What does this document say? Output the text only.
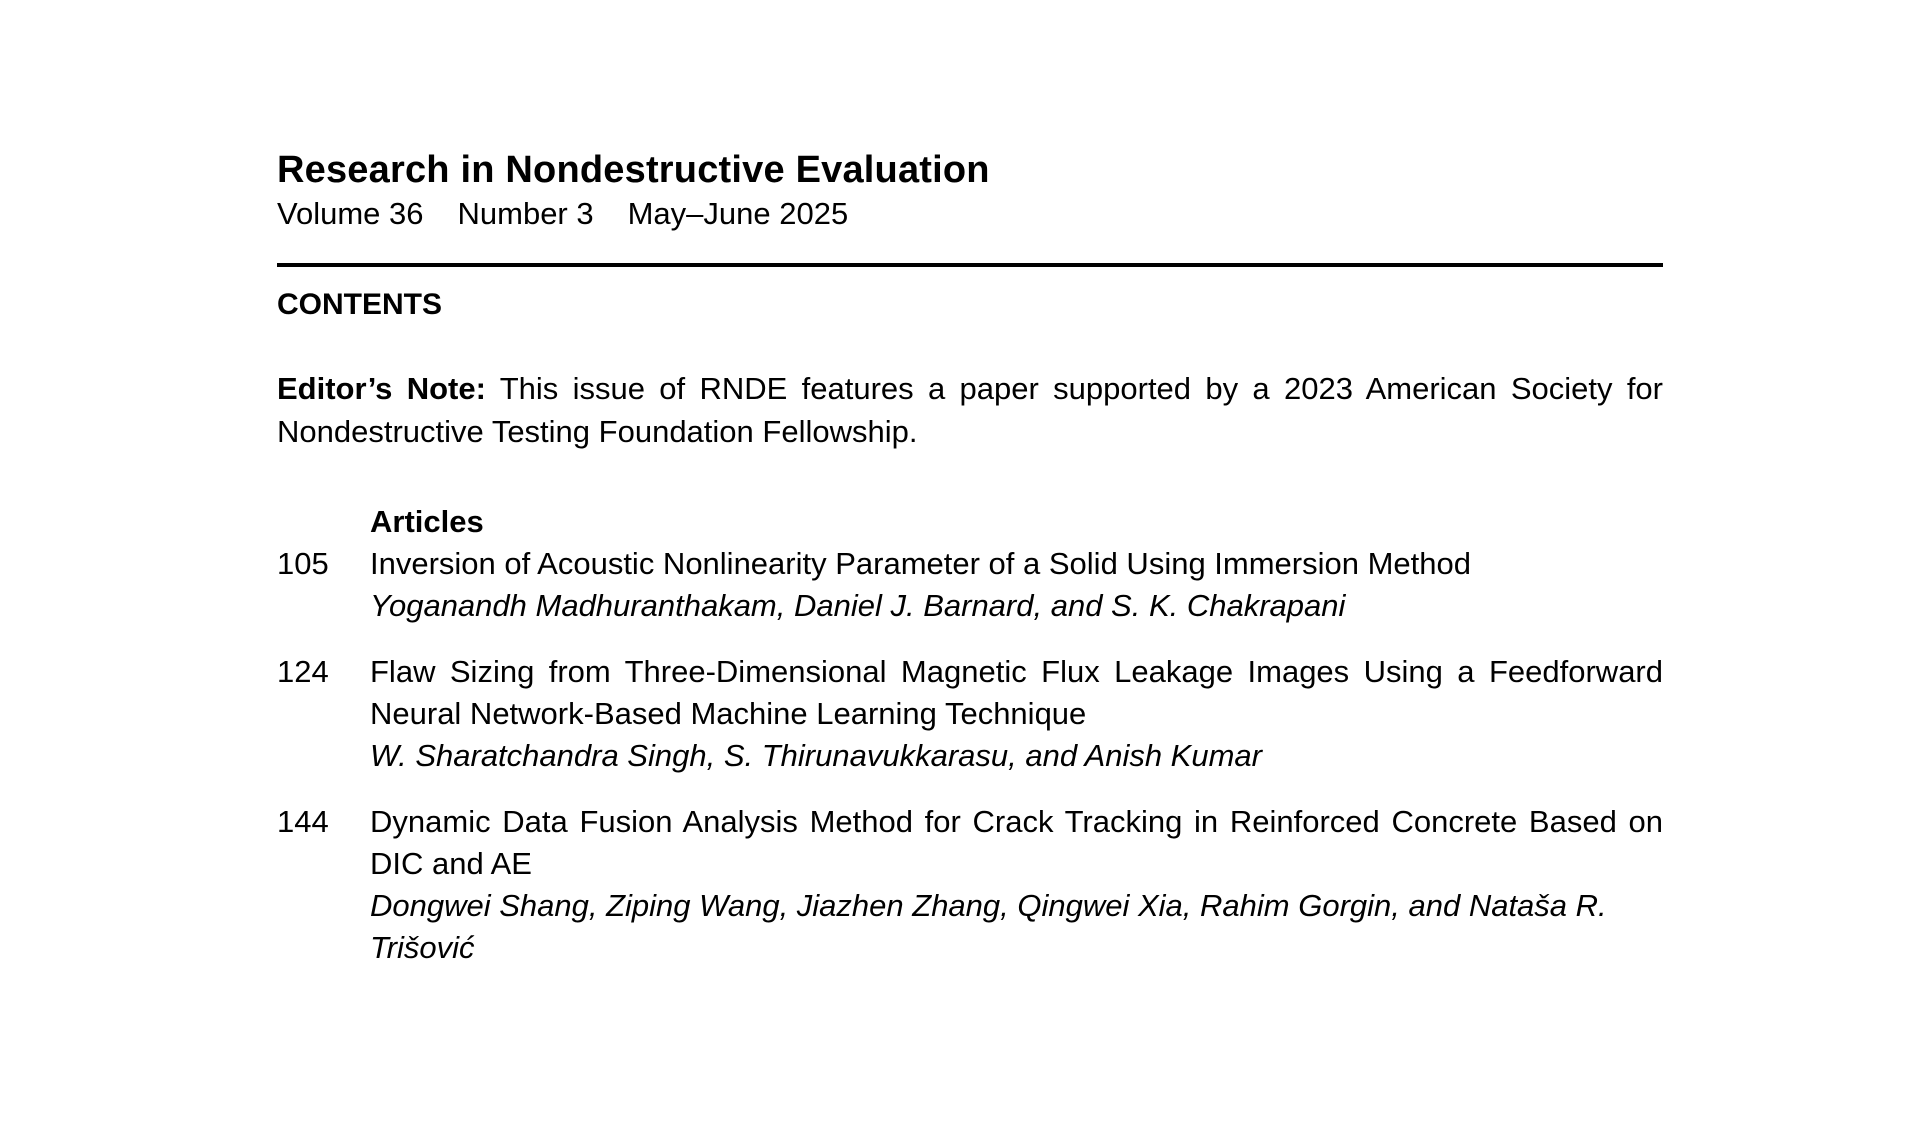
Research in Nondestructive Evaluation
Volume 36 Number 3 May–June 2025
CONTENTS
Editor’s Note: This issue of RNDE features a paper supported by a 2023 American Society for Nondestructive Testing Foundation Fellowship.
Articles
105	Inversion of Acoustic Nonlinearity Parameter of a Solid Using Immersion Method
Yoganandh Madhuranthakam, Daniel J. Barnard, and S. K. Chakrapani
124	Flaw Sizing from Three-Dimensional Magnetic Flux Leakage Images Using a Feedforward Neural Network-Based Machine Learning Technique
W. Sharatchandra Singh, S. Thirunavukkarasu, and Anish Kumar
144	Dynamic Data Fusion Analysis Method for Crack Tracking in Reinforced Concrete Based on DIC and AE
Dongwei Shang, Ziping Wang, Jiazhen Zhang, Qingwei Xia, Rahim Gorgin, and Nataša R. Trišović
